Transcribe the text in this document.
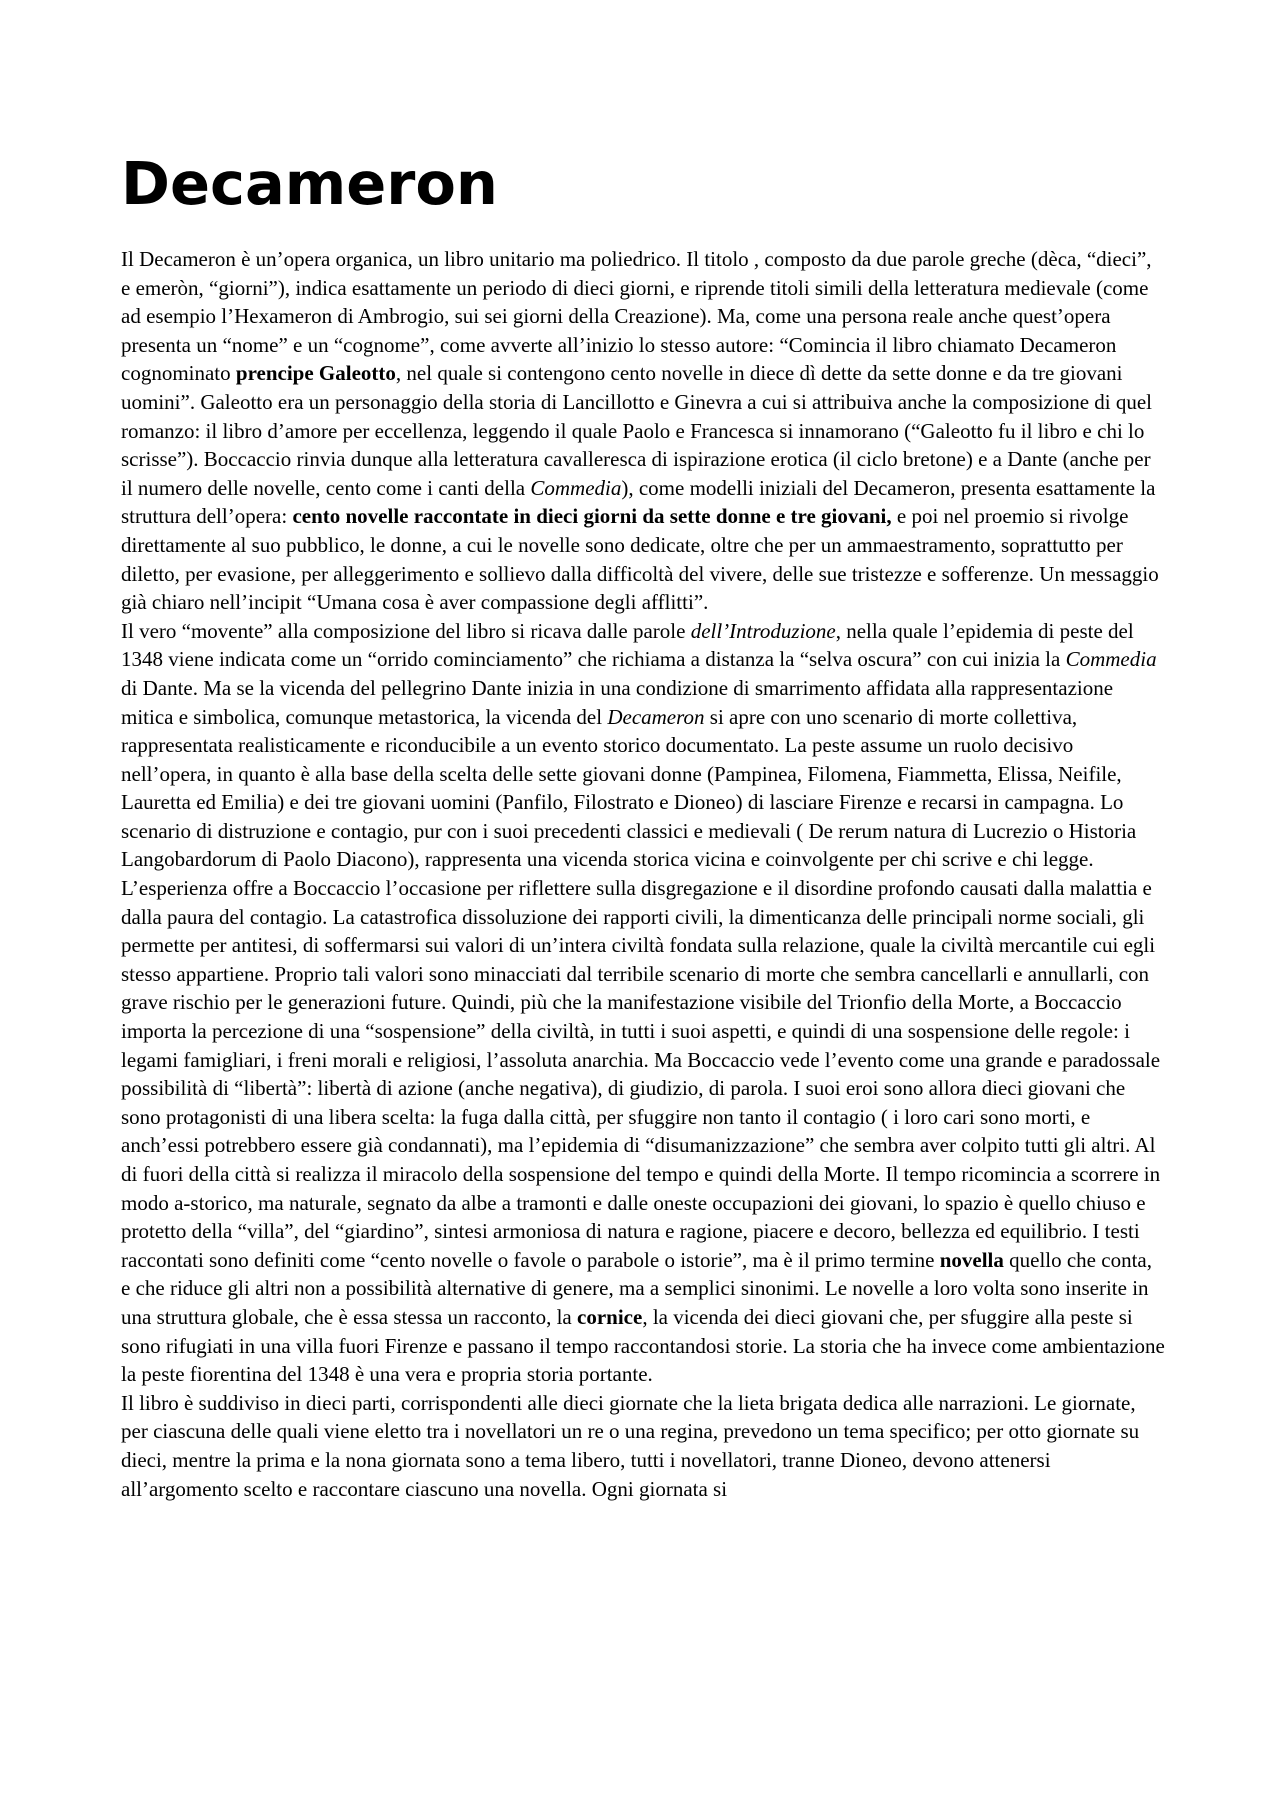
Decameron

Il Decameron è un’opera organica, un libro unitario ma poliedrico. Il titolo , composto da due parole greche (dèca, “dieci”, e emeròn, “giorni”), indica esattamente un periodo di dieci giorni, e riprende titoli simili della letteratura medievale (come ad esempio l’Hexameron di Ambrogio, sui sei giorni della Creazione). Ma, come una persona reale anche quest’opera presenta un “nome” e un “cognome”, come avverte all’inizio lo stesso autore: “Comincia il libro chiamato Decameron cognominato prencipe Galeotto, nel quale si contengono cento novelle in diece dì dette da sette donne e da tre giovani uomini”. Galeotto era un personaggio della storia di Lancillotto e Ginevra a cui si attribuiva anche la composizione di quel romanzo: il libro d’amore per eccellenza, leggendo il quale Paolo e Francesca si innamorano (“Galeotto fu il libro e chi lo scrisse”). Boccaccio rinvia dunque alla letteratura cavalleresca di ispirazione erotica (il ciclo bretone) e a Dante (anche per il numero delle novelle, cento come i canti della Commedia), come modelli iniziali del Decameron, presenta esattamente la struttura dell’opera: cento novelle raccontate in dieci giorni da sette donne e tre giovani, e poi nel proemio si rivolge direttamente al suo pubblico, le donne, a cui le novelle sono dedicate, oltre che per un ammaestramento, soprattutto per diletto, per evasione, per alleggerimento e sollievo dalla difficoltà del vivere, delle sue tristezze e sofferenze. Un messaggio già chiaro nell’incipit “Umana cosa è aver compassione degli afflitti”.

Il vero “movente” alla composizione del libro si ricava dalle parole dell’Introduzione, nella quale l’epidemia di peste del 1348 viene indicata come un “orrido cominciamento” che richiama a distanza la “selva oscura” con cui inizia la Commedia di Dante. Ma se la vicenda del pellegrino Dante inizia in una condizione di smarrimento affidata alla rappresentazione mitica e simbolica, comunque metastorica, la vicenda del Decameron si apre con uno scenario di morte collettiva, rappresentata realisticamente e riconducibile a un evento storico documentato. La peste assume un ruolo decisivo nell’opera, in quanto è alla base della scelta delle sette giovani donne (Pampinea, Filomena, Fiammetta, Elissa, Neifile, Lauretta ed Emilia) e dei tre giovani uomini (Panfilo, Filostrato e Dioneo) di lasciare Firenze e recarsi in campagna. Lo scenario di distruzione e contagio, pur con i suoi precedenti classici e medievali ( De rerum natura di Lucrezio o Historia Langobardorum di Paolo Diacono), rappresenta una vicenda storica vicina e coinvolgente per chi scrive e chi legge. L’esperienza offre a Boccaccio l’occasione per riflettere sulla disgregazione e il disordine profondo causati dalla malattia e dalla paura del contagio. La catastrofica dissoluzione dei rapporti civili, la dimenticanza delle principali norme sociali, gli permette per antitesi, di soffermarsi sui valori di un’intera civiltà fondata sulla relazione, quale la civiltà mercantile cui egli stesso appartiene. Proprio tali valori sono minacciati dal terribile scenario di morte che sembra cancellarli e annullarli, con grave rischio per le generazioni future. Quindi, più che la manifestazione visibile del Trionfio della Morte, a Boccaccio importa la percezione di una “sospensione” della civiltà, in tutti i suoi aspetti, e quindi di una sospensione delle regole: i legami famigliari, i freni morali e religiosi, l’assoluta anarchia. Ma Boccaccio vede l’evento come una grande e paradossale possibilità di “libertà”: libertà di azione (anche negativa), di giudizio, di parola. I suoi eroi sono allora dieci giovani che sono protagonisti di una libera scelta: la fuga dalla città, per sfuggire non tanto il contagio ( i loro cari sono morti, e anch’essi potrebbero essere già condannati), ma l’epidemia di “disumanizzazione” che sembra aver colpito tutti gli altri. Al di fuori della città si realizza il miracolo della sospensione del tempo e quindi della Morte. Il tempo ricomincia a scorrere in modo a-storico, ma naturale, segnato da albe a tramonti e dalle oneste occupazioni dei giovani, lo spazio è quello chiuso e protetto della “villa”, del “giardino”, sintesi armoniosa di natura e ragione, piacere e decoro, bellezza ed equilibrio. I testi raccontati sono definiti come “cento novelle o favole o parabole o istorie”, ma è il primo termine novella quello che conta, e che riduce gli altri non a possibilità alternative di genere, ma a semplici sinonimi. Le novelle a loro volta sono inserite in una struttura globale, che è essa stessa un racconto, la cornice, la vicenda dei dieci giovani che, per sfuggire alla peste si sono rifugiati in una villa fuori Firenze e passano il tempo raccontandosi storie. La storia che ha invece come ambientazione la peste fiorentina del 1348 è una vera e propria storia portante.

Il libro è suddiviso in dieci parti, corrispondenti alle dieci giornate che la lieta brigata dedica alle narrazioni. Le giornate, per ciascuna delle quali viene eletto tra i novellatori un re o una regina, prevedono un tema specifico; per otto giornate su dieci, mentre la prima e la nona giornata sono a tema libero, tutti i novellatori, tranne Dioneo, devono attenersi all’argomento scelto e raccontare ciascuno una novella. Ogni giornata si
